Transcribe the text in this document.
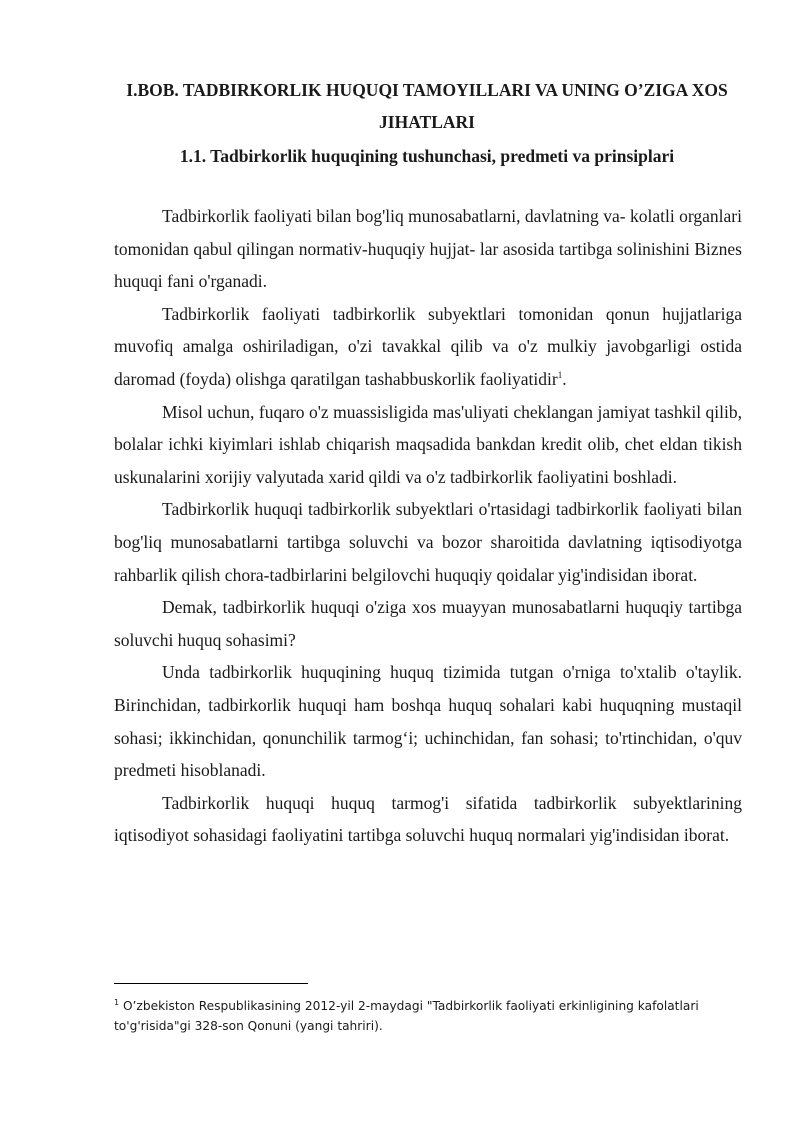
I.BOB. TADBIRKORLIK HUQUQI TAMOYILLARI VA UNING O’ZIGA XOS JIHATLARI
1.1. Tadbirkorlik huquqining tushunchasi, predmeti va prinsiplari

Tadbirkorlik faoliyati bilan bog'liq munosabatlarni, davlatning va- kolatli organlari tomonidan qabul qilingan normativ-huquqiy hujjat- lar asosida tartibga solinishini Biznes huquqi fani o'rganadi.

Tadbirkorlik faoliyati tadbirkorlik subyektlari tomonidan qonun hujjatlariga muvofiq amalga oshiriladigan, o'zi tavakkal qilib va o'z mulkiy javobgarligi ostida daromad (foyda) olishga qaratilgan tashabbuskorlik faoliyatidir$^1$.

Misol uchun, fuqaro o'z muassisligida mas'uliyati cheklangan jamiyat tashkil qilib, bolalar ichki kiyimlari ishlab chiqarish maqsadida bankdan kredit olib, chet eldan tikish uskunalarini xorijiy valyutada xarid qildi va o'z tadbirkorlik faoliyatini boshladi.

Tadbirkorlik huquqi tadbirkorlik subyektlari o'rtasidagi tadbirkorlik faoliyati bilan bog'liq munosabatlarni tartibga soluvchi va bozor sharoitida davlatning iqtisodiyotga rahbarlik qilish chora-tadbirlarini belgilovchi huquqiy qoidalar yig'indisidan iborat.

Demak, tadbirkorlik huquqi o'ziga xos muayyan munosabatlarni huquqiy tartibga soluvchi huquq sohasimi?

Unda tadbirkorlik huquqining huquq tizimida tutgan o'rniga to'xtalib o'taylik. Birinchidan, tadbirkorlik huquqi ham boshqa huquq sohalari kabi huquqning mustaqil sohasi; ikkinchidan, qonunchilik tarmog‘i; uchinchidan, fan sohasi; to'rtinchidan, o'quv predmeti hisoblanadi.

Tadbirkorlik huquqi huquq tarmog'i sifatida tadbirkorlik subyektlarining iqtisodiyot sohasidagi faoliyatini tartibga soluvchi huquq normalari yig'indisidan iborat.

$^1$ O’zbekiston Respublikasining 2012-yil 2-maydagi "Tadbirkorlik faoliyati erkinligining kafolatlari to'g'risida"gi 328-son Qonuni (yangi tahriri).
